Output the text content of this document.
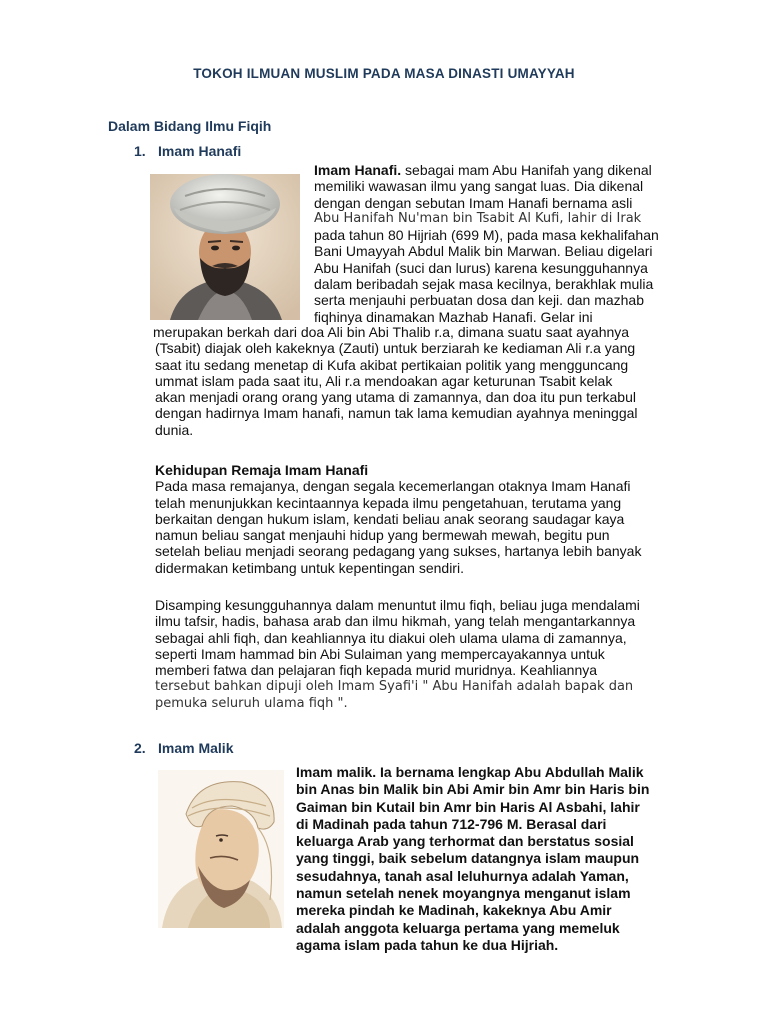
TOKOH ILMUAN MUSLIM PADA MASA DINASTI UMAYYAH
Dalam Bidang Ilmu Fiqih
1. Imam Hanafi

Imam Hanafi. sebagai mam Abu Hanifah yang dikenal

memiliki wawasan ilmu yang sangat luas. Dia dikenal

dengan dengan sebutan Imam Hanafi bernama asli

Abu Hanifah Nu'man bin Tsabit Al Kufi, lahir di Irak

pada tahun 80 Hijriah (699 M), pada masa kekhalifahan

Bani Umayyah Abdul Malik bin Marwan. Beliau digelari

Abu Hanifah (suci dan lurus) karena kesungguhannya

dalam beribadah sejak masa kecilnya, berakhlak mulia

serta menjauhi perbuatan dosa dan keji. dan mazhab

fiqhinya dinamakan Mazhab Hanafi. Gelar ini

merupakan berkah dari doa Ali bin Abi Thalib r.a, dimana suatu saat ayahnya

(Tsabit) diajak oleh kakeknya (Zauti) untuk berziarah ke kediaman Ali r.a yang

saat itu sedang menetap di Kufa akibat pertikaian politik yang mengguncang

ummat islam pada saat itu, Ali r.a mendoakan agar keturunan Tsabit kelak

akan menjadi orang orang yang utama di zamannya, dan doa itu pun terkabul

dengan hadirnya Imam hanafi, namun tak lama kemudian ayahnya meninggal

dunia.

Kehidupan Remaja Imam Hanafi

Pada masa remajanya, dengan segala kecemerlangan otaknya Imam Hanafi

telah menunjukkan kecintaannya kepada ilmu pengetahuan, terutama yang

berkaitan dengan hukum islam, kendati beliau anak seorang saudagar kaya

namun beliau sangat menjauhi hidup yang bermewah mewah, begitu pun

setelah beliau menjadi seorang pedagang yang sukses, hartanya lebih banyak

didermakan ketimbang untuk kepentingan sendiri.

Disamping kesungguhannya dalam menuntut ilmu fiqh, beliau juga mendalami

ilmu tafsir, hadis, bahasa arab dan ilmu hikmah, yang telah mengantarkannya

sebagai ahli fiqh, dan keahliannya itu diakui oleh ulama ulama di zamannya,

seperti Imam hammad bin Abi Sulaiman yang mempercayakannya untuk

memberi fatwa dan pelajaran fiqh kepada murid muridnya. Keahliannya

tersebut bahkan dipuji oleh Imam Syafi'i " Abu Hanifah adalah bapak dan

pemuka seluruh ulama fiqh ".

2. Imam Malik

Imam malik. Ia bernama lengkap Abu Abdullah Malik

bin Anas bin Malik bin Abi Amir bin Amr bin Haris bin

Gaiman bin Kutail bin Amr bin Haris Al Asbahi, lahir

di Madinah pada tahun 712-796 M. Berasal dari

keluarga Arab yang terhormat dan berstatus sosial

yang tinggi, baik sebelum datangnya islam maupun

sesudahnya, tanah asal leluhurnya adalah Yaman,

namun setelah nenek moyangnya menganut islam

mereka pindah ke Madinah, kakeknya Abu Amir

adalah anggota keluarga pertama yang memeluk

agama islam pada tahun ke dua Hijriah.
